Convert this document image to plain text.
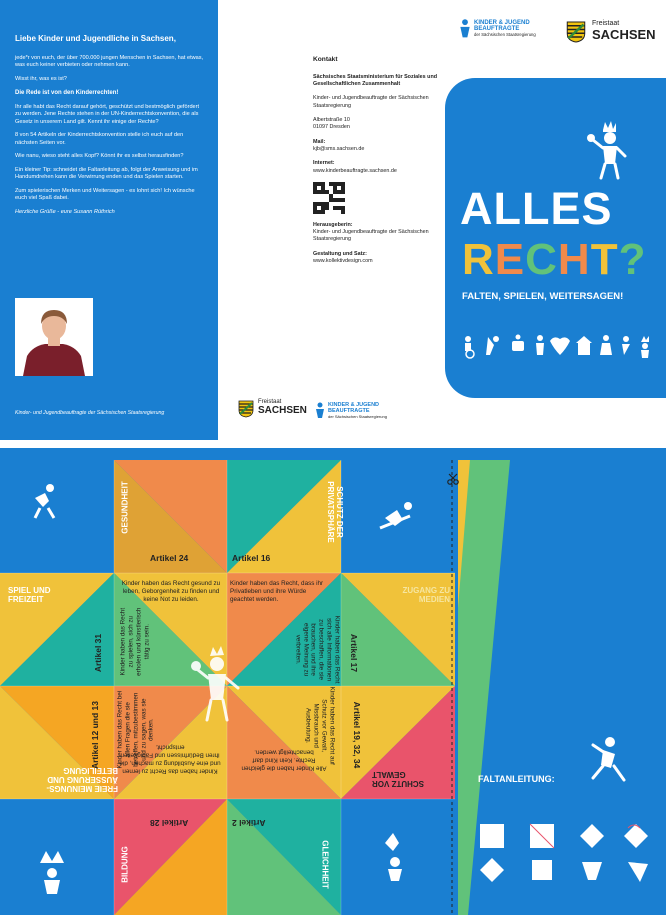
Liebe Kinder und Jugendliche in Sachsen,

jede*r von euch, der über 700.000 jungen Menschen in Sachsen, hat etwas, was euch keiner verbieten oder nehmen kann.

Wisst ihr, was es ist?

Die Rede ist von den Kinderrechten!

Ihr alle habt das Recht darauf gehört, geschützt und bestmöglich gefördert zu werden. Jene Rechte stehen in der UN-Kinderrechtskonvention, die als Gesetz in unserem Land gilt. Kennt ihr einige der Rechte?

8 von 54 Artikeln der Kinderrechtskonvention stelle ich euch auf den nächsten Seiten vor.

Wie nanu, wieso steht alles Kopf? Könnt ihr es selbst herausfinden?

Ein kleiner Tip: schneidet die Faltanleitung ab, folgt der Anweisung und im Handumdrehen kann die Verwirrung enden und das Spielen starten.

Zum spielerischen Merken und Weitersagen - es lohnt sich! Ich wünsche euch viel Spaß dabei.

Herzliche Grüße - eure Susann Rüthrich

Kinder- und Jugendbeauftragte der Sächsischen Staatsregierung

Kontakt

Sächsisches Staatsministerium für Soziales und Gesellschaftlichen Zusammenhalt

Kinder- und Jugendbeauftragte der Sächsischen Staatsregierung

Albertstraße 10
01097 Dresden

Mail:
kjb@sms.sachsen.de

Internet:
www.kinderbeauftragte.sachsen.de

Herausgeberin:
Kinder- und Jugendbeauftragte der Sächsischen Staatsregierung

Gestaltung und Satz:
www.kollektivdesign.com

Freistaat
SACHSEN	KINDER & JUGEND
BEAUFTRAGTE
der Sächsischen Staatsregierung
KINDER & JUGEND
BEAUFTRAGTE
der Sächsischen Staatsregierung
Freistaat
SACHSEN
ALLES
RECHT?
FALTEN, SPIELEN, WEITERSAGEN!
GESUNDHEIT	SCHUTZ DER PRIVATSPHÄRE
SPIEL UND FREIZEIT
ZUGANG ZU MEDIEN
FREIE MEINUNGS-ÄUSSERUNG UND BETEILIGUNG
SCHUTZ VOR GEWALT
BILDUNG	GLEICHHEIT
Artikel 24	Artikel 16
Artikel 31	Artikel 17
Artikel 12 und 13	Artikel 19, 32, 34
Artikel 28	Artikel 2
Kinder haben das Recht gesund zu leben, Geborgenheit zu finden und keine Not zu leiden.
Kinder haben das Recht, dass ihr Privatleben und ihre Würde geachtet werden.
Kinder haben das Recht zu spielen, sich zu erholen und künstlerisch tätig zu sein.	Kinder haben das Recht sich alle Informationen zu beschaffen, die sie brauchen, und ihre eigene Meinung zu verbreiten.
Kinder haben das Recht bei allen Fragen die sie betreffen, mitzubestimmen und zu sagen, was sie denken.	Kinder haben das Recht auf Schutz vor Gewalt, Missbrauch und Ausbeutung.
Kinder haben das Recht zu lernen und eine Ausbildung zu machen, die ihren Bedürfnissen und Fähigkeiten entspricht.
Alle Kinder haben die gleichen Rechte. Kein Kind darf benachteiligt werden.
FALTANLEITUNG:
